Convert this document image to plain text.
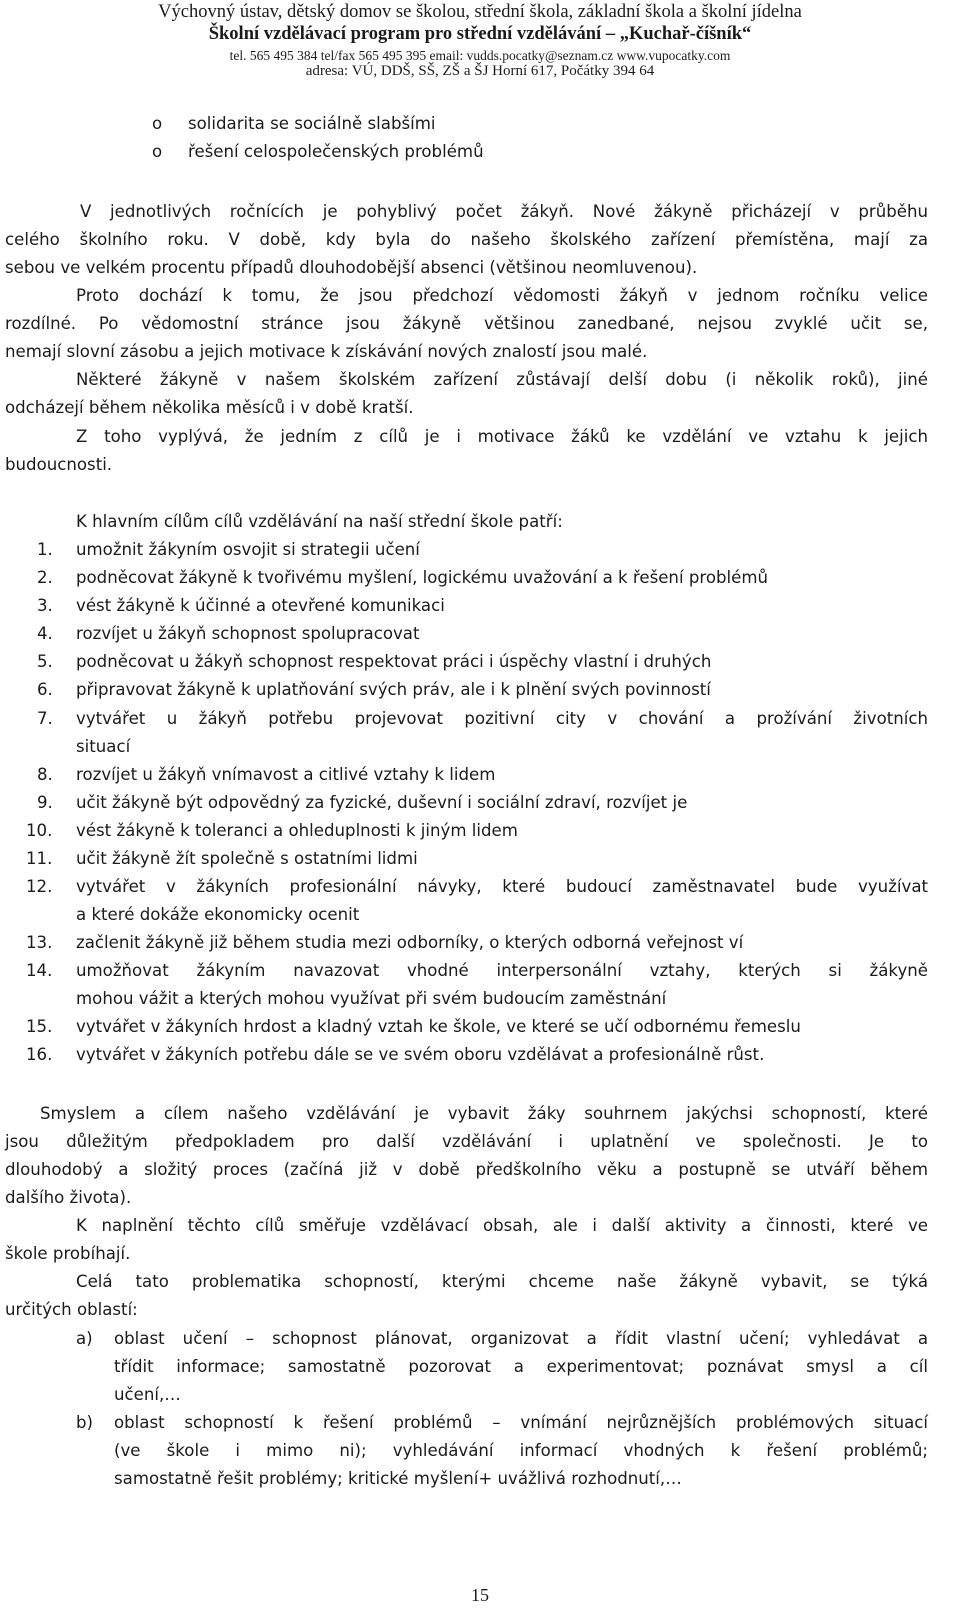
Výchovný ústav, dětský domov se školou, střední škola, základní škola a školní jídelna
Školní vzdělávací program pro střední vzdělávání – „Kuchař-číšník“
tel. 565 495 384 tel/fax 565 495 395 email: vudds.pocatky@seznam.cz www.vupocatky.com
adresa: VÚ, DDŠ, SŠ, ZŠ a ŠJ Horní 617, Počátky 394 64
o solidarita se sociálně slabšími
o řešení celospolečenských problémů
V jednotlivých ročnících je pohyblivý počet žákyň. Nové žákyně přicházejí v průběhu
celého školního roku. V době, kdy byla do našeho školského zařízení přemístěna, mají za
sebou ve velkém procentu případů dlouhodobější absenci (většinou neomluvenou).
Proto dochází k tomu, že jsou předchozí vědomosti žákyň v jednom ročníku velice
rozdílné. Po vědomostní stránce jsou žákyně většinou zanedbané, nejsou zvyklé učit se,
nemají slovní zásobu a jejich motivace k získávání nových znalostí jsou malé.
Některé žákyně v našem školském zařízení zůstávají delší dobu (i několik roků), jiné
odcházejí během několika měsíců i v době kratší.
Z toho vyplývá, že jedním z cílů je i motivace žáků ke vzdělání ve vztahu k jejich
budoucnosti.
K hlavním cílům cílů vzdělávání na naší střední škole patří:
1. umožnit žákyním osvojit si strategii učení
2. podněcovat žákyně k tvořivému myšlení, logickému uvažování a k řešení problémů
3. vést žákyně k účinné a otevřené komunikaci
4. rozvíjet u žákyň schopnost spolupracovat
5. podněcovat u žákyň schopnost respektovat práci i úspěchy vlastní i druhých
6. připravovat žákyně k uplatňování svých práv, ale i k plnění svých povinností
7. vytvářet u žákyň potřebu projevovat pozitivní city v chování a prožívání životních
situací
8. rozvíjet u žákyň vnímavost a citlivé vztahy k lidem
9. učit žákyně být odpovědný za fyzické, duševní i sociální zdraví, rozvíjet je
10. vést žákyně k toleranci a ohleduplnosti k jiným lidem
11. učit žákyně žít společně s ostatními lidmi
12. vytvářet v žákyních profesionální návyky, které budoucí zaměstnavatel bude využívat
a které dokáže ekonomicky ocenit
13. začlenit žákyně již během studia mezi odborníky, o kterých odborná veřejnost ví
14. umožňovat žákyním navazovat vhodné interpersonální vztahy, kterých si žákyně
mohou vážit a kterých mohou využívat při svém budoucím zaměstnání
15. vytvářet v žákyních hrdost a kladný vztah ke škole, ve které se učí odbornému řemeslu
16. vytvářet v žákyních potřebu dále se ve svém oboru vzdělávat a profesionálně růst.
Smyslem a cílem našeho vzdělávání je vybavit žáky souhrnem jakýchsi schopností, které
jsou důležitým předpokladem pro další vzdělávání i uplatnění ve společnosti. Je to
dlouhodobý a složitý proces (začíná již v době předškolního věku a postupně se utváří během
dalšího života).
K naplnění těchto cílů směřuje vzdělávací obsah, ale i další aktivity a činnosti, které ve
škole probíhají.
Celá tato problematika schopností, kterými chceme naše žákyně vybavit, se týká
určitých oblastí:
a) oblast učení – schopnost plánovat, organizovat a řídit vlastní učení; vyhledávat a
třídit informace; samostatně pozorovat a experimentovat; poznávat smysl a cíl
učení,…
b) oblast schopností k řešení problémů – vnímání nejrůznějších problémových situací
(ve škole i mimo ni); vyhledávání informací vhodných k řešení problémů;
samostatně řešit problémy; kritické myšlení+ uvážlivá rozhodnutí,…
15
